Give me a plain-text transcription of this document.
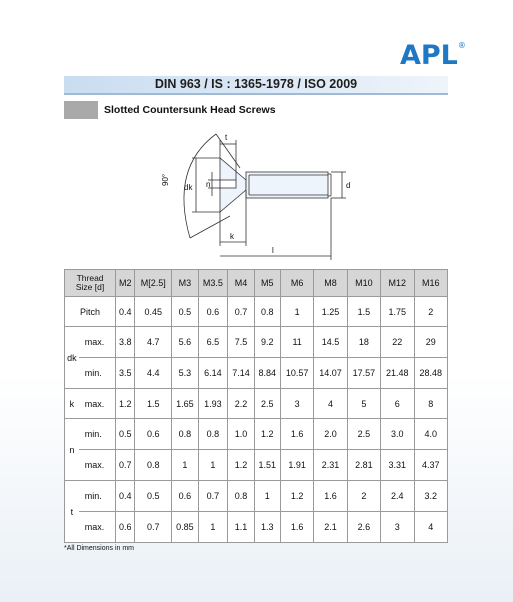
APL®
DIN 963 / IS : 1365-1978 / ISO 2009
Slotted Countersunk Head Screws
t
90°
dk n	d
k
l
Thread
Size [d]		M2	M[2.5]	M3	M3.5	M4	M5	M6	M8	M10	M12	M16
Pitch		0.4	0.45	0.5	0.6	0.7	0.8	1	1.25	1.5	1.75	2
dk	max.	3.8	4.7	5.6	6.5	7.5	9.2	11	14.5	18	22	29
	min.	3.5	4.4	5.3	6.14	7.14	8.84	10.57	14.07	17.57	21.48	28.48
k	max.	1.2	1.5	1.65	1.93	2.2	2.5	3	4	5	6	8
n	min.	0.5	0.6	0.8	0.8	1.0	1.2	1.6	2.0	2.5	3.0	4.0
	max.	0.7	0.8	1	1	1.2	1.51	1.91	2.31	2.81	3.31	4.37
t	min.	0.4	0.5	0.6	0.7	0.8	1	1.2	1.6	2	2.4	3.2
	max.	0.6	0.7	0.85	1	1.1	1.3	1.6	2.1	2.6	3	4
*All Dimensions in mm
